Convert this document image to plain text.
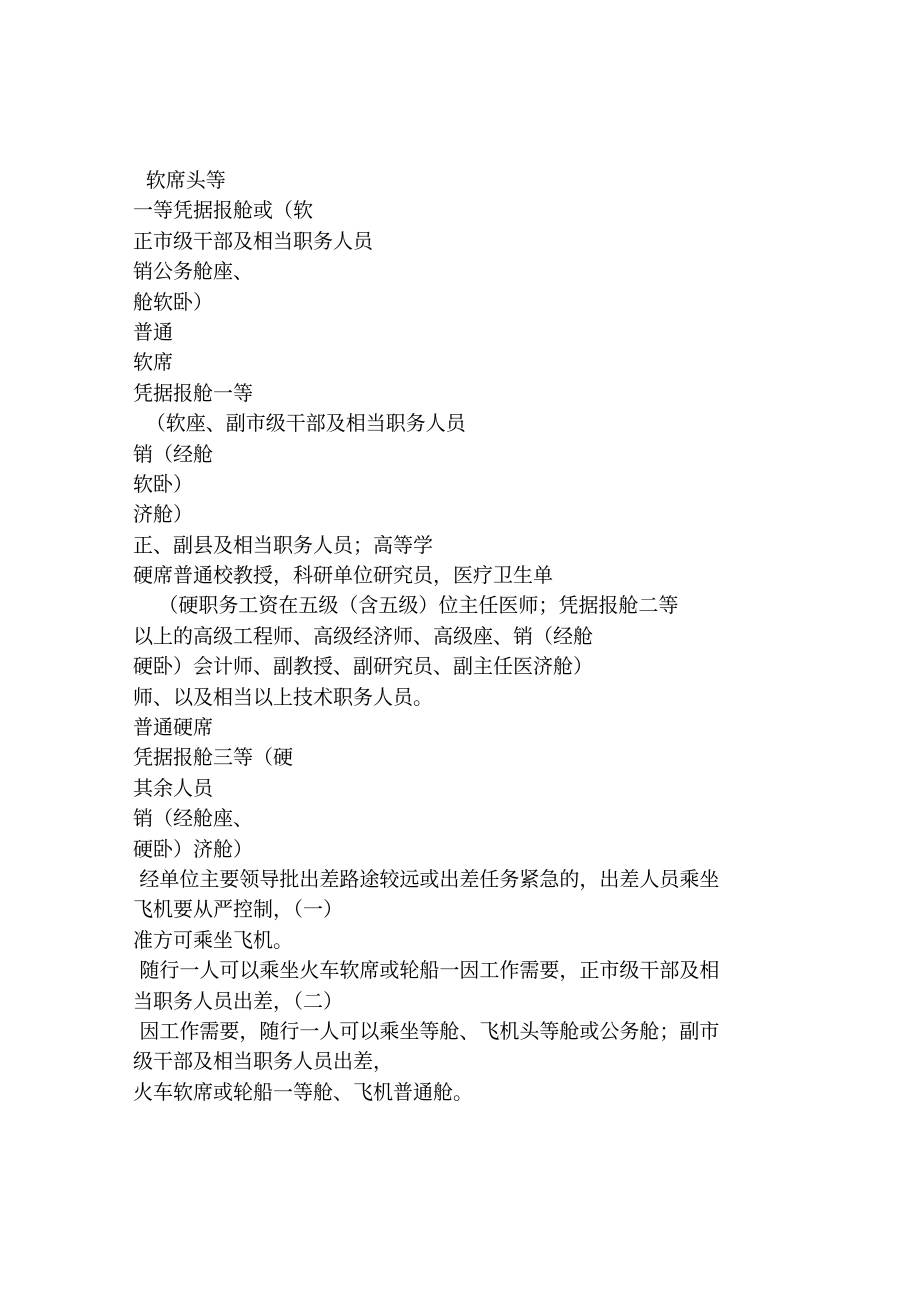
软席头等
一等凭据报舱或（软
正市级干部及相当职务人员
销公务舱座、
舱软卧）
普通
软席
凭据报舱一等
（软座、副市级干部及相当职务人员
销（经舱
软卧）
济舱）
正、副县及相当职务人员；高等学
硬席普通校教授，科研单位研究员，医疗卫生单
（硬职务工资在五级（含五级）位主任医师；凭据报舱二等
以上的高级工程师、高级经济师、高级座、销（经舱
硬卧）会计师、副教授、副研究员、副主任医济舱）
师、以及相当以上技术职务人员。
普通硬席
凭据报舱三等（硬
其余人员
销（经舱座、
硬卧）济舱）
经单位主要领导批出差路途较远或出差任务紧急的，出差人员乘坐
飞机要从严控制，（一）
准方可乘坐飞机。
随行一人可以乘坐火车软席或轮船一因工作需要，正市级干部及相
当职务人员出差，（二）
因工作需要，随行一人可以乘坐等舱、飞机头等舱或公务舱；副市
级干部及相当职务人员出差，
火车软席或轮船一等舱、飞机普通舱。
